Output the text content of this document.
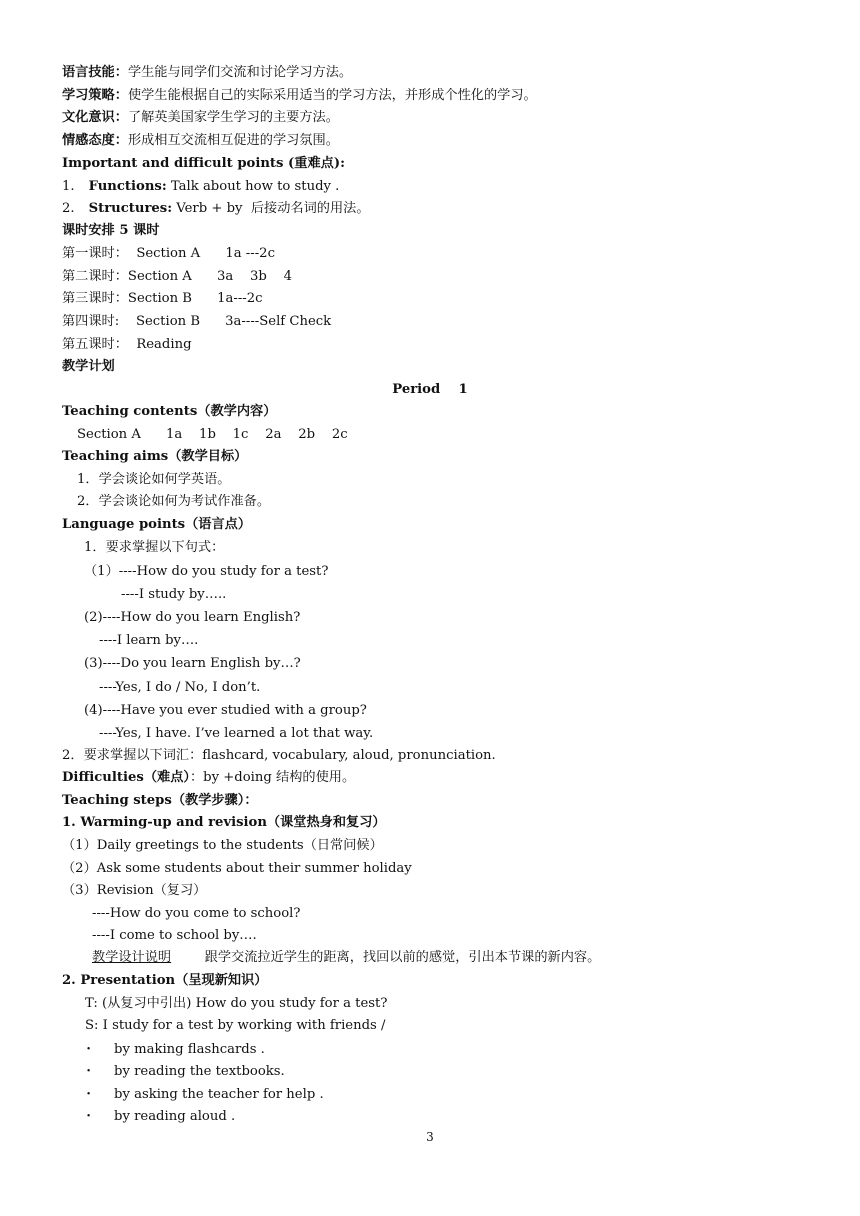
语言技能：学生能与同学们交流和讨论学习方法。
学习策略：使学生能根据自己的实际采用适当的学习方法，并形成个性化的学习。
文化意识：了解英美国家学生学习的主要方法。
情感态度：形成相互交流相互促进的学习氛围。
Important and difficult points (重难点):
1. Functions: Talk about how to study .
2. Structures: Verb + by  后接动名词的用法。
课时安排 5 课时
第一课时：  Section A      1a ---2c
第二课时：Section A      3a    3b    4
第三课时：Section B      1a---2c
第四课时:    Section B      3a----Self Check
第五课时：  Reading
教学计划
Period    1
Teaching contents（教学内容）
Section A      1a    1b    1c    2a    2b    2c
Teaching aims（教学目标）
1．学会谈论如何学英语。
2．学会谈论如何为考试作准备。
Language points（语言点）
1．要求掌握以下句式：
（1）----How do you study for a test?
----I study by…..
(2)----How do you learn English?
----I learn by….
(3)----Do you learn English by…?
----Yes, I do / No, I don’t.
(4)----Have you ever studied with a group?
----Yes, I have. I’ve learned a lot that way.
2．要求掌握以下词汇：flashcard, vocabulary, aloud, pronunciation.
Difficulties（难点）：by +doing 结构的使用。
Teaching steps（教学步骤）：
1. Warming-up and revision（课堂热身和复习）
（1）Daily greetings to the students（日常问候）
（2）Ask some students about their summer holiday
（3）Revision（复习）
----How do you come to school?
----I come to school by….
教学设计说明        跟学交流拉近学生的距离，找回以前的感觉，引出本节课的新内容。
2. Presentation（呈现新知识）
T: (从复习中引出) How do you study for a test?
S: I study for a test by working with friends /
・ by making flashcards .
・ by reading the textbooks.
・ by asking the teacher for help .
・ by reading aloud .
3
